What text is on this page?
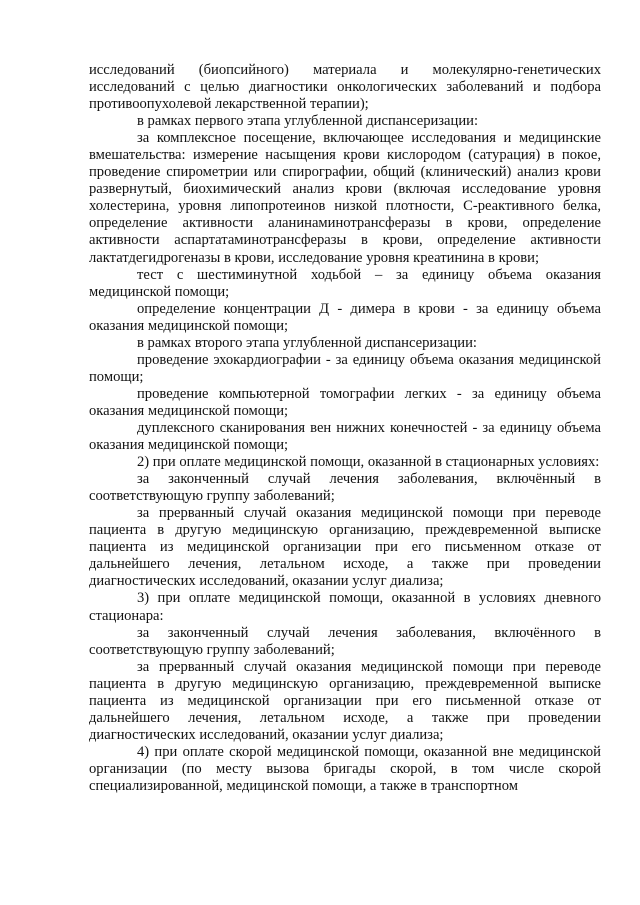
исследований (биопсийного) материала и молекулярно-генетических исследований с целью диагностики онкологических заболеваний и подбора противоопухолевой лекарственной терапии);

в рамках первого этапа углубленной диспансеризации:

за комплексное посещение, включающее исследования и медицинские вмешательства: измерение насыщения крови кислородом (сатурация) в покое, проведение спирометрии или спирографии, общий (клинический) анализ крови развернутый, биохимический анализ крови (включая исследование уровня холестерина, уровня липопротеинов низкой плотности, С-реактивного белка, определение активности аланинаминотрансферазы в крови, определение активности аспартатаминотрансферазы в крови, определение активности лактатдегидрогеназы в крови, исследование уровня креатинина в крови;

тест с шестиминутной ходьбой – за единицу объема оказания медицинской помощи;

определение концентрации Д - димера в крови - за единицу объема оказания медицинской помощи;

в рамках второго этапа углубленной диспансеризации:

проведение эхокардиографии - за единицу объема оказания медицинской помощи;

проведение компьютерной томографии легких - за единицу объема оказания медицинской помощи;

дуплексного сканирования вен нижних конечностей - за единицу объема оказания медицинской помощи;

2) при оплате медицинской помощи, оказанной в стационарных условиях:

за законченный случай лечения заболевания, включённый в соответствующую группу заболеваний;

за прерванный случай оказания медицинской помощи при переводе пациента в другую медицинскую организацию, преждевременной выписке пациента из медицинской организации при его письменном отказе от дальнейшего лечения, летальном исходе, а также при проведении диагностических исследований, оказании услуг диализа;

3) при оплате медицинской помощи, оказанной в условиях дневного стационара:

за законченный случай лечения заболевания, включённого в соответствующую группу заболеваний;

за прерванный случай оказания медицинской помощи при переводе пациента в другую медицинскую организацию, преждевременной выписке пациента из медицинской организации при его письменной отказе от дальнейшего лечения, летальном исходе, а также при проведении диагностических исследований, оказании услуг диализа;

4) при оплате скорой медицинской помощи, оказанной вне медицинской организации (по месту вызова бригады скорой, в том числе скорой специализированной, медицинской помощи, а также в транспортном
